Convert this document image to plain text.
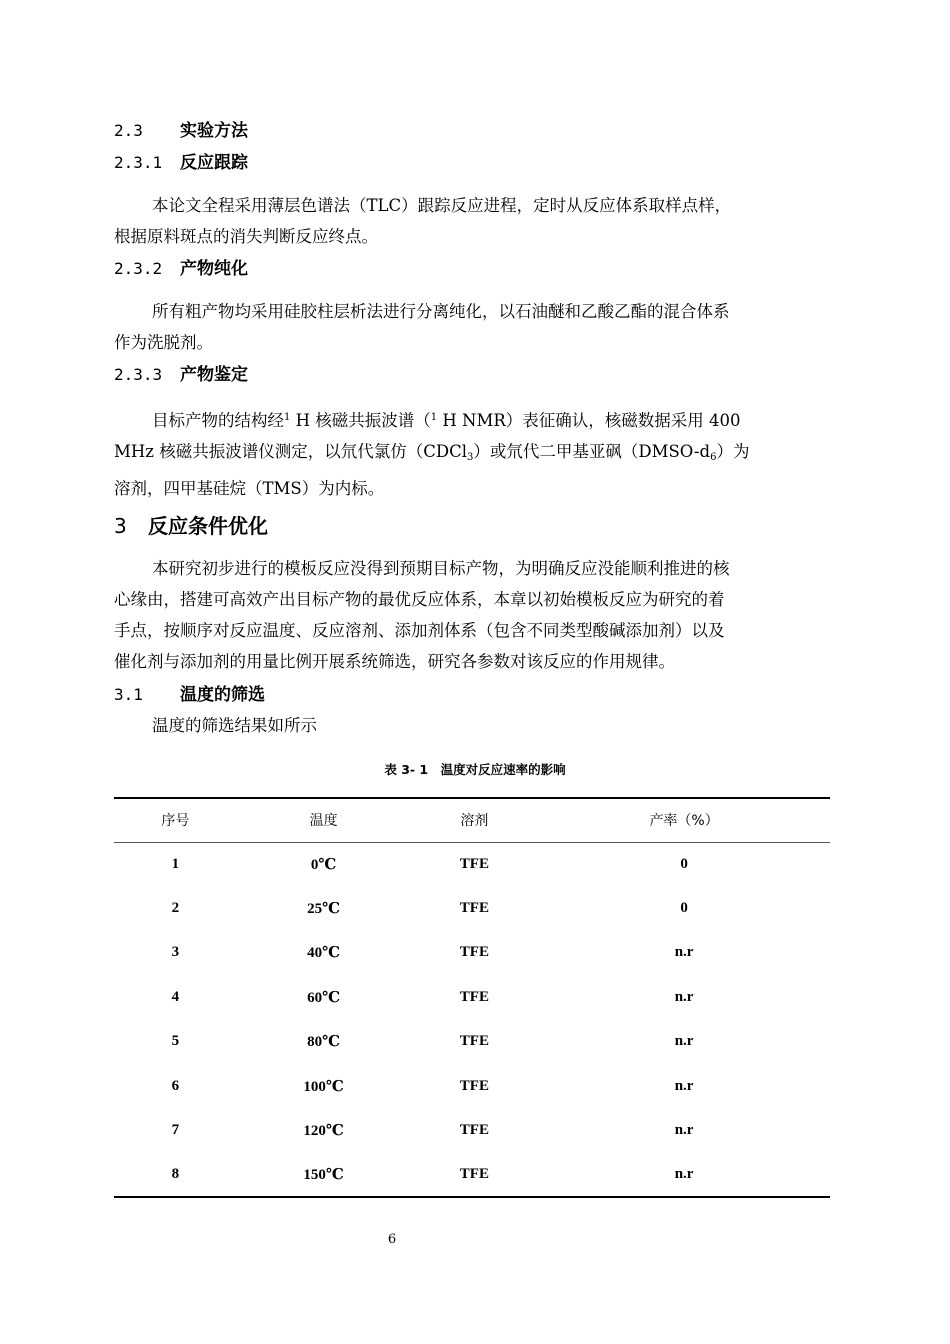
2.3 实验方法
2.3.1 反应跟踪
本论文全程采用薄层色谱法（TLC）跟踪反应进程，定时从反应体系取样点样，
根据原料斑点的消失判断反应终点。
2.3.2 产物纯化
所有粗产物均采用硅胶柱层析法进行分离纯化，以石油醚和乙酸乙酯的混合体系
作为洗脱剂。
2.3.3 产物鉴定
目标产物的结构经$^1$ H 核磁共振波谱（$^1$ H NMR）表征确认，核磁数据采用 400
MHz 核磁共振波谱仪测定，以氘代氯仿（CDCl$_3$）或氘代二甲基亚砜$(DMSO-d_6)$为
溶剂，四甲基硅烷（TMS）为内标。
3 反应条件优化
本研究初步进行的模板反应没得到预期目标产物，为明确反应没能顺利推进的核
心缘由，搭建可高效产出目标产物的最优反应体系，本章以初始模板反应为研究的着
手点，按顺序对反应温度、反应溶剂、添加剂体系（包含不同类型酸碱添加剂）以及
催化剂与添加剂的用量比例开展系统筛选，研究各参数对该反应的作用规律。
3.1 温度的筛选
温度的筛选结果如所示
表 3- 1　温度对反应速率的影响
序号	温度	溶剂	产率（%）
1	0℃	TFE	0
2	25℃	TFE	0
3	40℃	TFE	n.r
4	60℃	TFE	n.r
5	80℃	TFE	n.r
6	100℃	TFE	n.r
7	120℃	TFE	n.r
8	150℃	TFE	n.r
6
